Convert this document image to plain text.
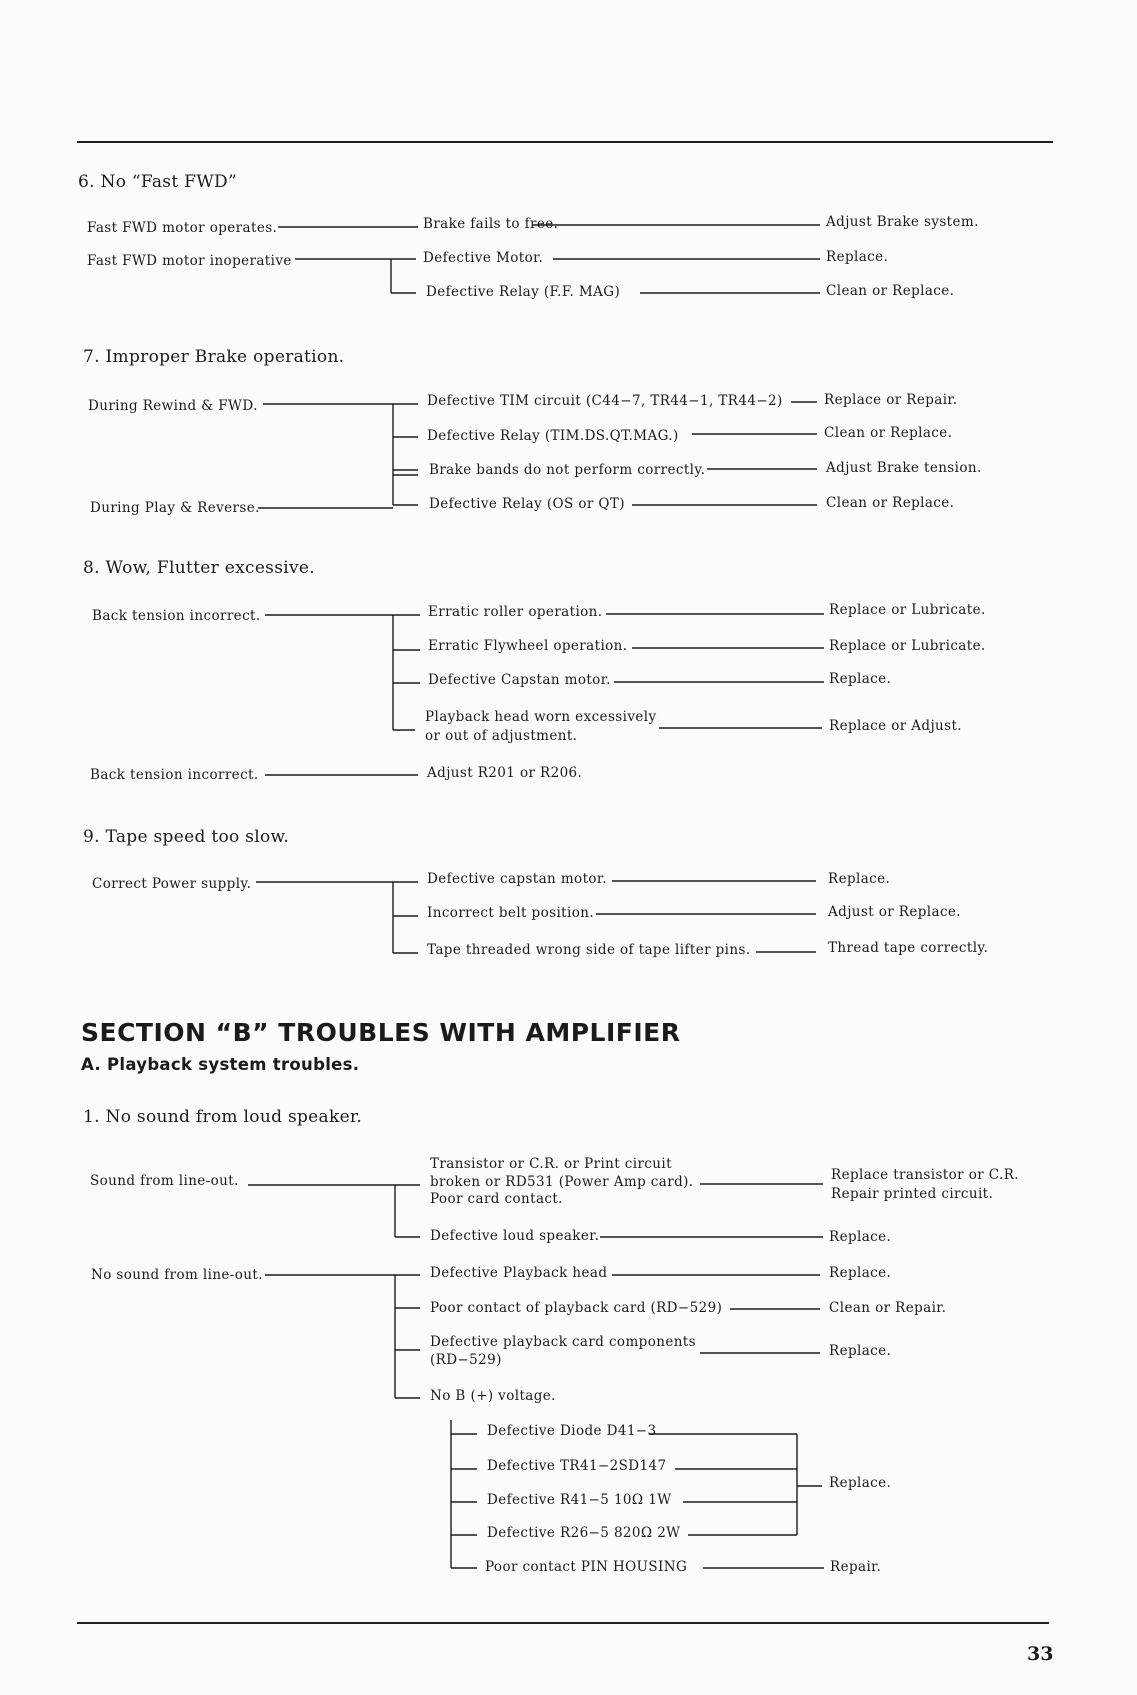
6. No “Fast FWD”
Fast FWD motor operates.
Fast FWD motor inoperative
Brake fails to free.
Defective Motor.
Defective Relay (F.F. MAG)
Adjust Brake system.
Replace.
Clean or Replace.
7. Improper Brake operation.
During Rewind & FWD.
During Play & Reverse.
Defective TIM circuit (C44−7, TR44−1, TR44−2)
Defective Relay (TIM.DS.QT.MAG.)
Brake bands do not perform correctly.
Defective Relay (OS or QT)
Replace or Repair.
Clean or Replace.
Adjust Brake tension.
Clean or Replace.
8. Wow, Flutter excessive.
Back tension incorrect.
Back tension incorrect.
Erratic roller operation.
Erratic Flywheel operation.
Defective Capstan motor.
Playback head worn excessively
or out of adjustment.
Adjust R201 or R206.
Replace or Lubricate.
Replace or Lubricate.
Replace.
Replace or Adjust.
9. Tape speed too slow.
Correct Power supply.	Defective capstan motor.
Incorrect belt position.
Tape threaded wrong side of tape lifter pins.
Replace.
Adjust or Replace.
Thread tape correctly.
SECTION “B” TROUBLES WITH AMPLIFIER
A. Playback system troubles.
1. No sound from loud speaker.
Sound from line-out.
No sound from line-out.
Transistor or C.R. or Print circuit
broken or RD531 (Power Amp card).
Poor card contact.
Defective loud speaker.
Defective Playback head
Poor contact of playback card (RD−529)
Defective playback card components
(RD−529)
No B (+) voltage.
Defective Diode D41−3
Defective TR41−2SD147
Defective R41−5 10Ω 1W
Defective R26−5 820Ω 2W
Poor contact PIN HOUSING
Replace transistor or C.R.
Repair printed circuit.
Replace.
Replace.
Clean or Repair.
Replace.
Replace.
Repair.
33
